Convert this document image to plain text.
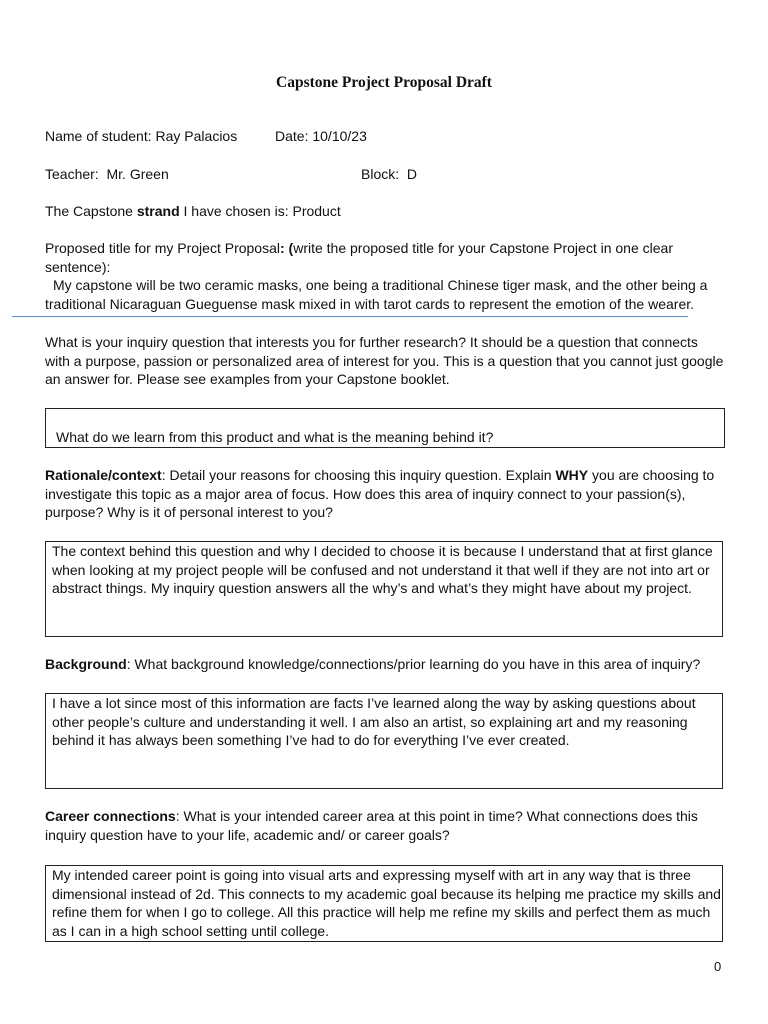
Capstone Project Proposal Draft
Name of student: Ray Palacios	Date: 10/10/23
Teacher: Mr. Green	Block: D
The Capstone strand I have chosen is: Product
Proposed title for my Project Proposal: (write the proposed title for your Capstone Project in one clear sentence):
My capstone will be two ceramic masks, one being a traditional Chinese tiger mask, and the other being a traditional Nicaraguan Gueguense mask mixed in with tarot cards to represent the emotion of the wearer.
What is your inquiry question that interests you for further research? It should be a question that connects with a purpose, passion or personalized area of interest for you. This is a question that you cannot just google an answer for. Please see examples from your Capstone booklet.
What do we learn from this product and what is the meaning behind it?
Rationale/context: Detail your reasons for choosing this inquiry question. Explain WHY you are choosing to investigate this topic as a major area of focus. How does this area of inquiry connect to your passion(s), purpose? Why is it of personal interest to you?
The context behind this question and why I decided to choose it is because I understand that at first glance when looking at my project people will be confused and not understand it that well if they are not into art or abstract things. My inquiry question answers all the why’s and what’s they might have about my project.
Background: What background knowledge/connections/prior learning do you have in this area of inquiry?
I have a lot since most of this information are facts I’ve learned along the way by asking questions about other people’s culture and understanding it well. I am also an artist, so explaining art and my reasoning behind it has always been something I’ve had to do for everything I’ve ever created.
Career connections: What is your intended career area at this point in time? What connections does this inquiry question have to your life, academic and/ or career goals?
My intended career point is going into visual arts and expressing myself with art in any way that is three dimensional instead of 2d. This connects to my academic goal because its helping me practice my skills and refine them for when I go to college. All this practice will help me refine my skills and perfect them as much as I can in a high school setting until college.
0
